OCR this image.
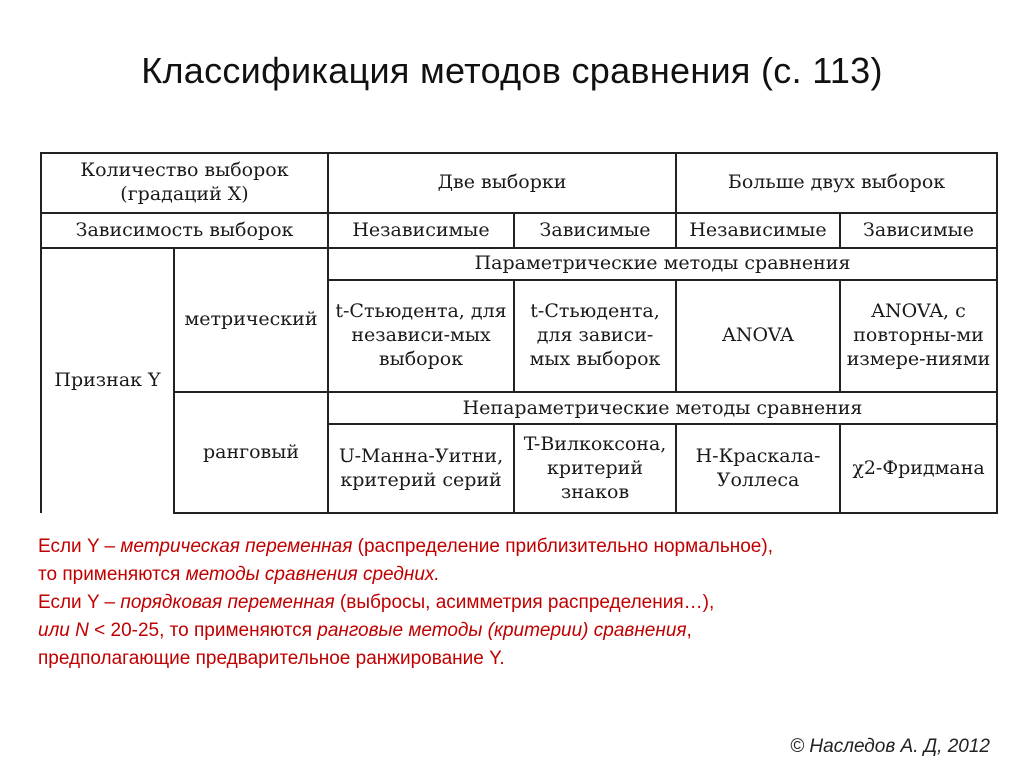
Классификация методов сравнения (с. 113)
Количество выборок (градаций X)		Две выборки		Больше двух выборок	
Зависимость выборок		Независимые	Зависимые	Независимые	Зависимые
Признак Y	метрический	Параметрические методы сравнения			
		t-Стьюдента, для независи-мых выборок	t-Стьюдента, для зависи-мых выборок	ANOVA	ANOVA, с повторны-ми измере-ниями
	ранговый	Непараметрические методы сравнения			
		U-Манна-Уитни, критерий серий	T-Вилкоксона, критерий знаков	H-Краскала-Уоллеса	χ2-Фридмана
Если Y – метрическая переменная (распределение приблизительно нормальное),
то применяются методы сравнения средних.
Если Y – порядковая переменная (выбросы, асимметрия распределения…),
или N < 20-25, то применяются ранговые методы (критерии) сравнения,
предполагающие предварительное ранжирование Y.
© Наследов А. Д, 2012
